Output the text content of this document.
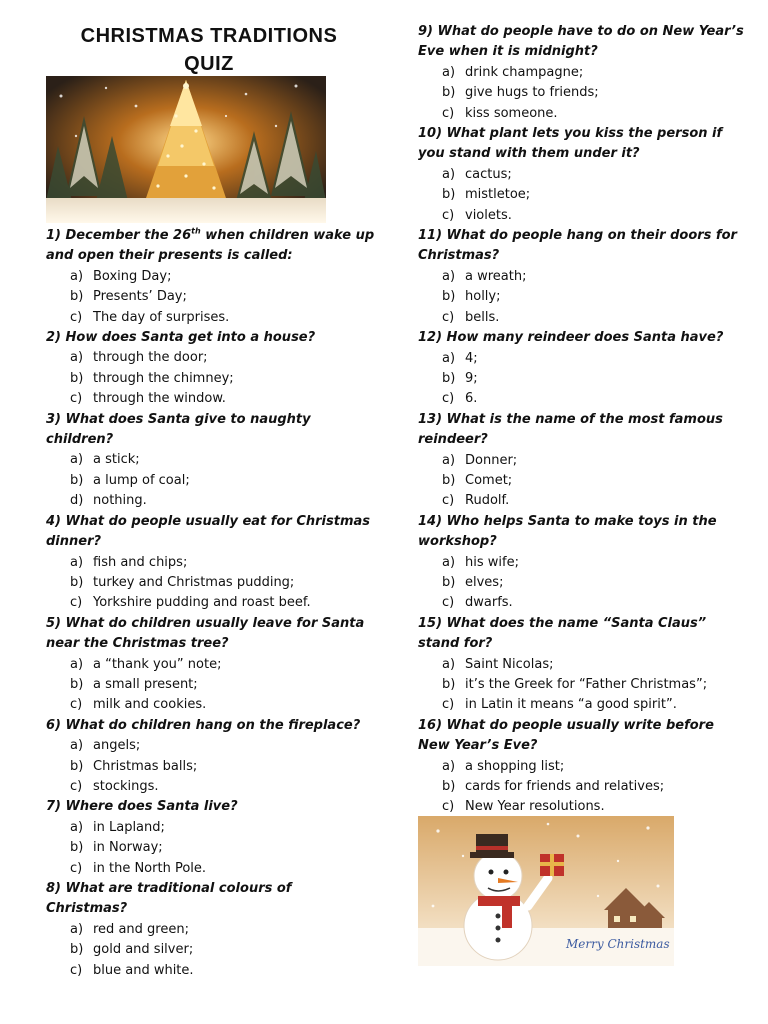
CHRISTMAS TRADITIONS
QUIZ
1) December the 26th when children wake up and open their presents is called:
a) Boxing Day;
b) Presents’ Day;
c) The day of surprises.
2) How does Santa get into a house?
a) through the door;
b) through the chimney;
c) through the window.
3) What does Santa give to naughty children?
a) a stick;
b) a lump of coal;
d) nothing.
4) What do people usually eat for Christmas dinner?
a) fish and chips;
b) turkey and Christmas pudding;
c) Yorkshire pudding and roast beef.
5) What do children usually leave for Santa near the Christmas tree?
a) a “thank you” note;
b) a small present;
c) milk and cookies.
6) What do children hang on the fireplace?
a) angels;
b) Christmas balls;
c) stockings.
7) Where does Santa live?
a) in Lapland;
b) in Norway;
c) in the North Pole.
8) What are traditional colours of Christmas?
a) red and green;
b) gold and silver;
c) blue and white.
9) What do people have to do on New Year’s Eve when it is midnight?
a) drink champagne;
b) give hugs to friends;
c) kiss someone.
10) What plant lets you kiss the person if you stand with them under it?
a) cactus;
b) mistletoe;
c) violets.
11) What do people hang on their doors for Christmas?
a) a wreath;
b) holly;
c) bells.
12) How many reindeer does Santa have?
a) 4;
b) 9;
c) 6.
13) What is the name of the most famous reindeer?
a) Donner;
b) Comet;
c) Rudolf.
14) Who helps Santa to make toys in the workshop?
a) his wife;
b) elves;
c) dwarfs.
15) What does the name “Santa Claus” stand for?
a) Saint Nicolas;
b) it’s the Greek for “Father Christmas”;
c) in Latin it means “a good spirit”.
16) What do people usually write before New Year’s Eve?
a) a shopping list;
b) cards for friends and relatives;
c) New Year resolutions.
Merry Christmas
